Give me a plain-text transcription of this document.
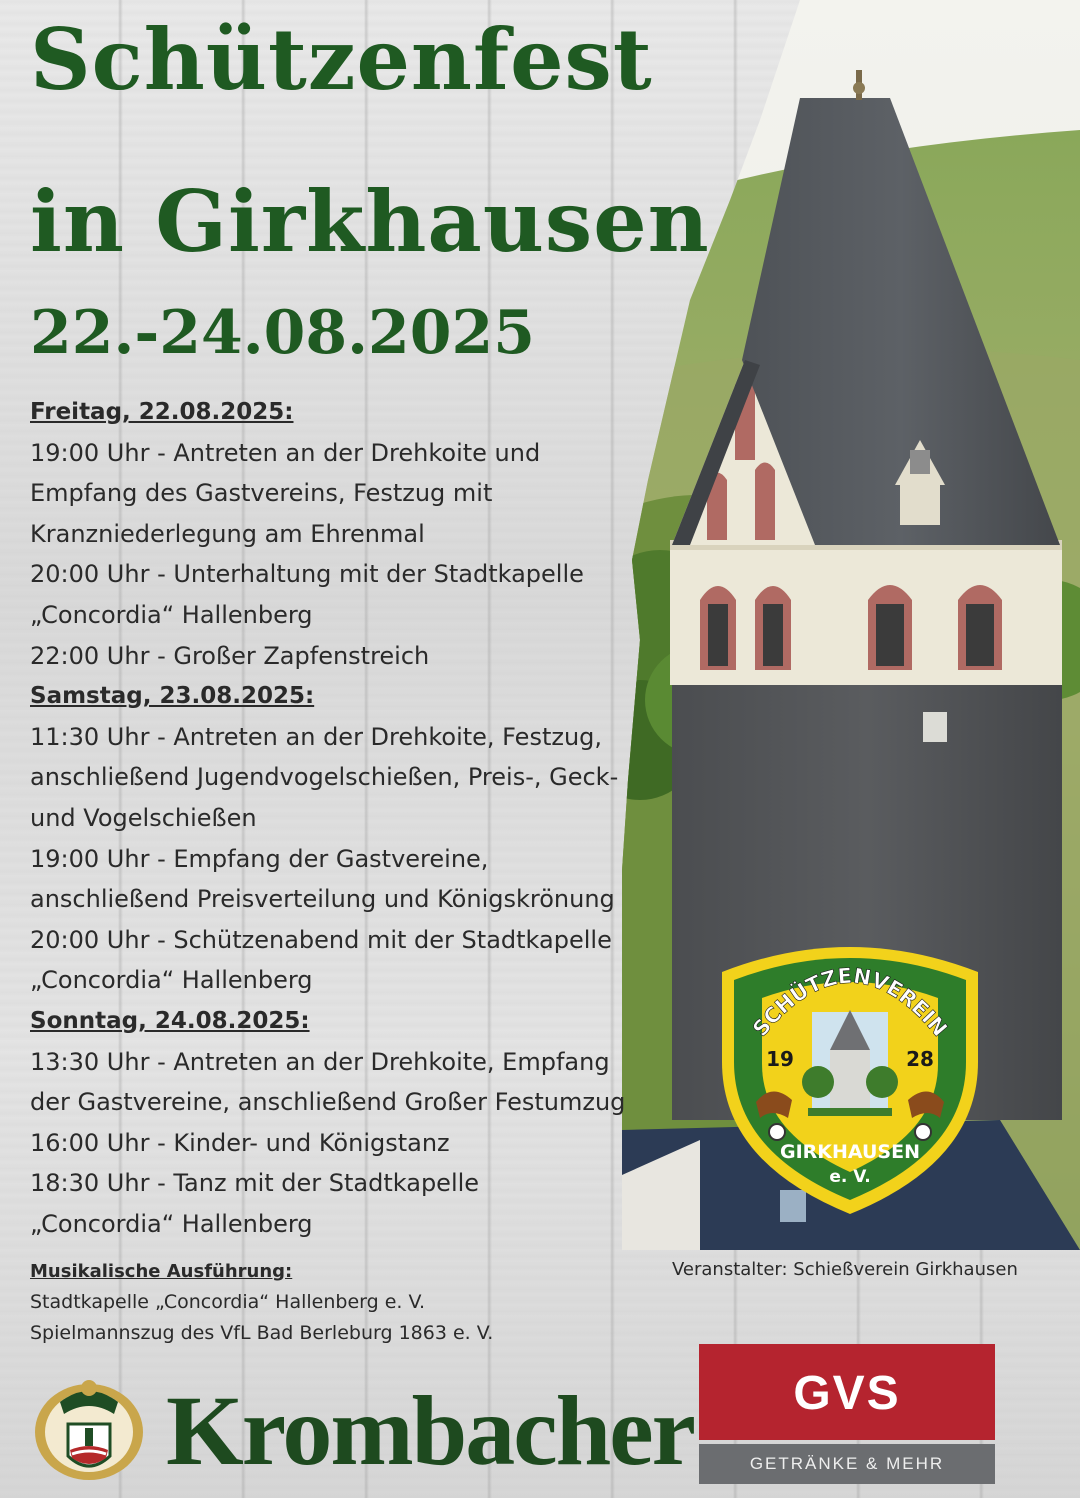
Schützenfest
in Girkhausen
22.-24.08.2025

Freitag, 22.08.2025:

19:00 Uhr - Antreten an der Drehkoite und Empfang des Gastvereins, Festzug mit Kranzniederlegung am Ehrenmal

20:00 Uhr - Unterhaltung mit der Stadtkapelle „Concordia“ Hallenberg

22:00 Uhr - Großer Zapfenstreich

Samstag, 23.08.2025:

11:30 Uhr - Antreten an der Drehkoite, Festzug, anschließend Jugendvogelschießen, Preis-, Geck- und Vogelschießen

19:00 Uhr - Empfang der Gastvereine, anschließend Preisverteilung und Königskrönung

20:00 Uhr - Schützenabend mit der Stadtkapelle „Concordia“ Hallenberg

Sonntag, 24.08.2025:

13:30 Uhr - Antreten an der Drehkoite, Empfang der Gastvereine, anschließend Großer Festumzug

16:00 Uhr - Kinder- und Königstanz

18:30 Uhr - Tanz mit der Stadtkapelle „Concordia“ Hallenberg

Musikalische Ausführung:

Stadtkapelle „Concordia“ Hallenberg e. V.

Spielmannszug des VfL Bad Berleburg 1863 e. V.

Veranstalter: Schießverein Girkhausen
SCHÜTZENVEREIN
19	28
GIRKHAUSEN
e. V.
Krombacher	GVS
GETRÄNKE & MEHR
